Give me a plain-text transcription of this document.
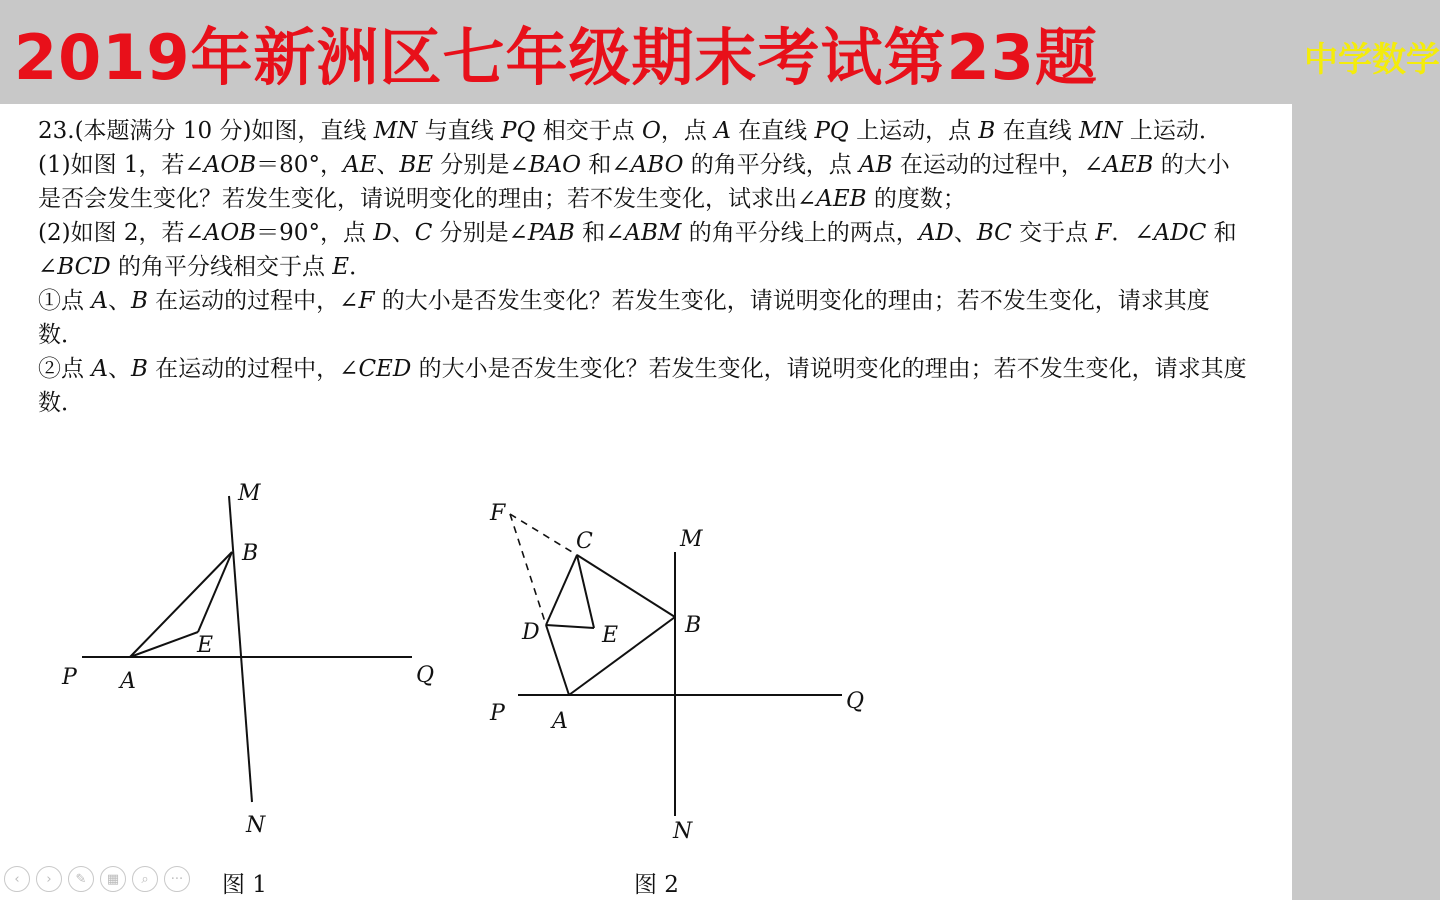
2019年新洲区七年级期末考试第23题	中学数学

23.(本题满分 10 分)如图，直线 MN 与直线 PQ 相交于点 O，点 A 在直线 PQ 上运动，点 B 在直线 MN 上运动．

(1)如图 1，若∠AOB＝80°，AE、BE 分别是∠BAO 和∠ABO 的角平分线，点 AB 在运动的过程中，∠AEB 的大小是否会发生变化？若发生变化，请说明变化的理由；若不发生变化，试求出∠AEB 的度数；

(2)如图 2，若∠AOB＝90°，点 D、C 分别是∠PAB 和∠ABM 的角平分线上的两点，AD、BC 交于点 F．∠ADC 和∠BCD 的角平分线相交于点 E．

①点 A、B 在运动的过程中，∠F 的大小是否发生变化？若发生变化，请说明变化的理由；若不发生变化，请求其度数．

②点 A、B 在运动的过程中，∠CED 的大小是否发生变化？若发生变化，请说明变化的理由；若不发生变化，请求其度数．

M
B
E
P A	Q
N
图 1
F
C	M
D	E	B
P A
Q
N
图 2
‹	›	✎	▦	⌕	···
